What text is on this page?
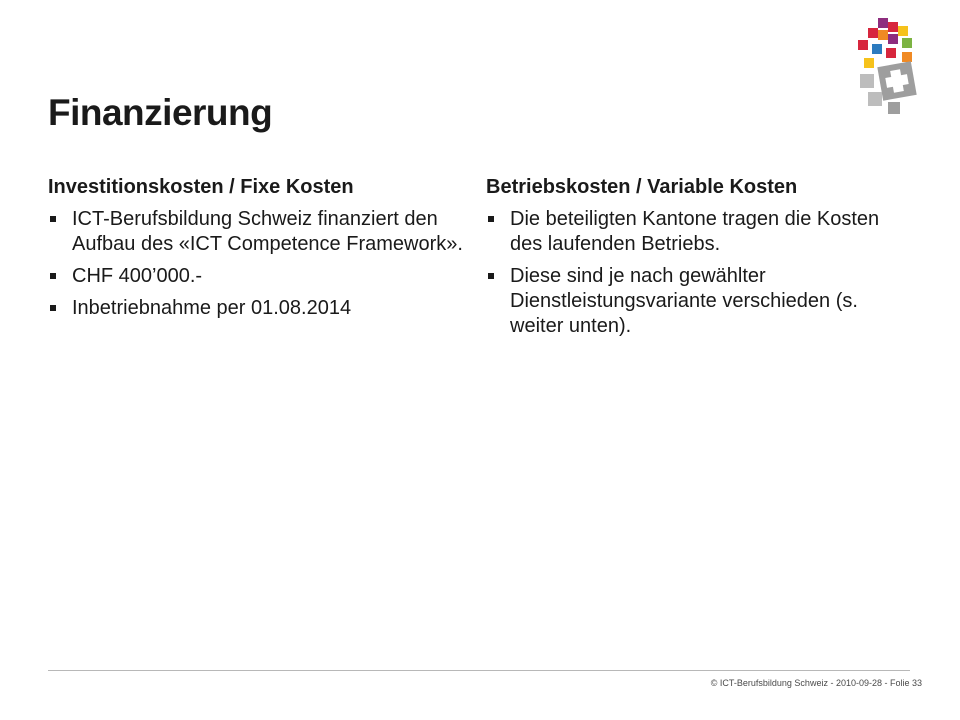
Finanzierung
Investitionskosten / Fixe Kosten
ICT-Berufsbildung Schweiz finanziert den Aufbau des «ICT Competence Framework».
CHF 400’000.-
Inbetriebnahme per 01.08.2014
Betriebskosten / Variable Kosten
Die beteiligten Kantone tragen die Kosten des laufenden Betriebs.
Diese sind je nach gewählter Dienstleistungsvariante verschieden (s. weiter unten).
© ICT-Berufsbildung Schweiz - 2010-09-28 - Folie 33
